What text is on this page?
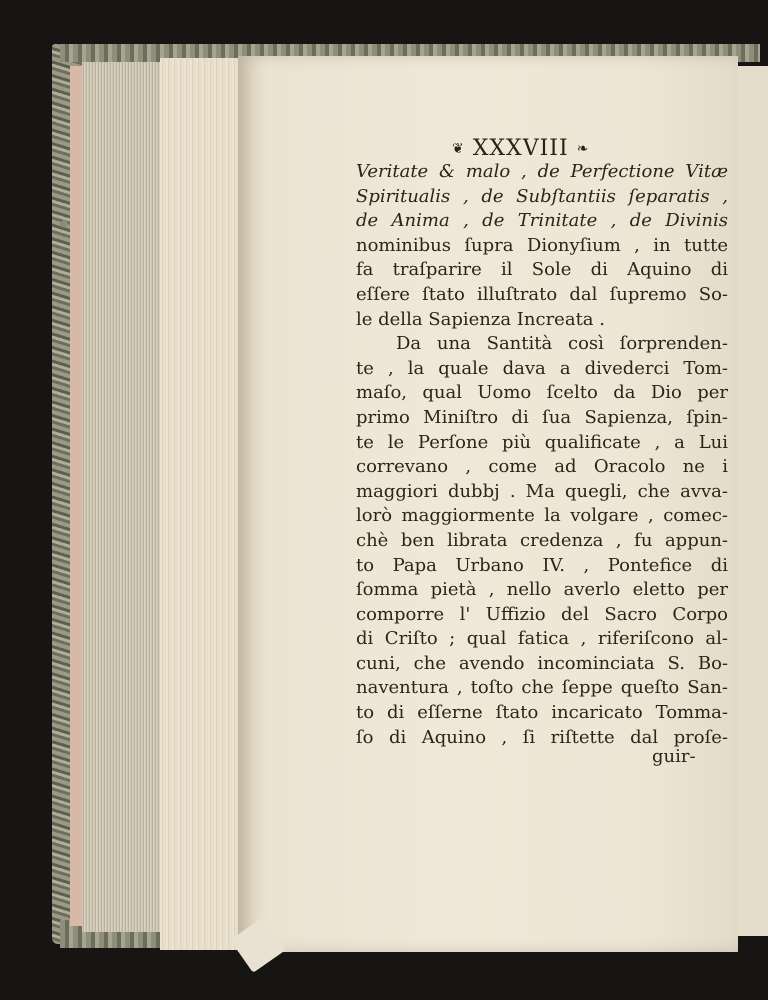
❦ XXXVIII ❧
Veritate & malo , de Perfectione Vitæ
Spiritualis , de Subſtantiis ſeparatis ,
de Anima , de Trinitate , de Divinis
nominibus ſupra Dionyſium , in tutte
fa traſparire il Sole di Aquino di
eſſere ſtato illuſtrato dal ſupremo So-
le della Sapienza Increata .
Da una Santità così ſorprenden-
te , la quale dava a divederci Tom-
maſo, qual Uomo ſcelto da Dio per
primo Miniſtro di ſua Sapienza, ſpin-
te le Perſone più qualificate , a Lui
correvano , come ad Oracolo ne i
maggiori dubbj . Ma quegli, che avva-
lorò maggiormente la volgare , comec-
chè ben librata credenza , fu appun-
to Papa Urbano IV. , Pontefice di
ſomma pietà , nello averlo eletto per
comporre l' Uffizio del Sacro Corpo
di Criſto ; qual fatica , riferiſcono al-
cuni, che avendo incominciata S. Bo-
naventura , toſto che ſeppe queſto San-
to di eſſerne ſtato incaricato Tomma-
ſo di Aquino , ſi riſtette dal proſe-
guir-
